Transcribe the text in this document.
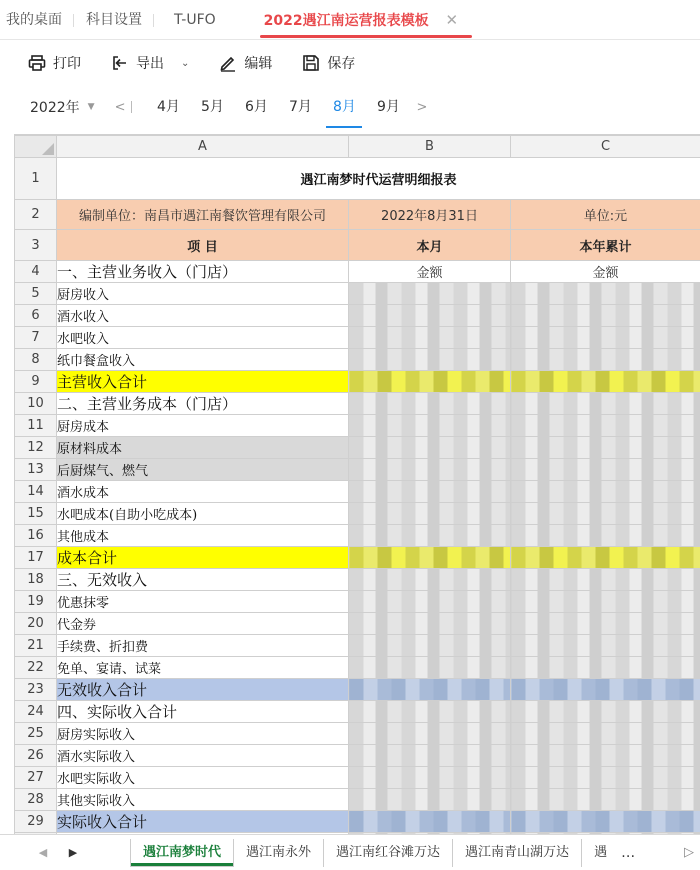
我的桌面	科目设置	T-UFO	2022遇江南运营报表模板 ✕
打印	导出 ⌄	编辑	保存
2022年 ▼ <	4月	5月	6月	7月	8月	9月	>
	A	B	C
1	遇江南梦时代运营明细报表		
2	编制单位：南昌市遇江南餐饮管理有限公司	2022年8月31日	单位:元
3	项 目	本月	本年累计
4	一、主营业务收入（门店）	金额	金额
5	厨房收入		
6	酒水收入		
7	水吧收入		
8	纸巾餐盒收入		
9	主营收入合计		
10	二、主营业务成本（门店）		
11	厨房成本		
12	原材料成本		
13	后厨煤气、燃气		
14	酒水成本		
15	水吧成本(自助小吃成本)		
16	其他成本		
17	成本合计		
18	三、无效收入		
19	优惠抹零		
20	代金券		
21	手续费、折扣费		
22	免单、宴请、试菜		
23	无效收入合计		
24	四、实际收入合计		
25	厨房实际收入		
26	酒水实际收入		
27	水吧实际收入		
28	其他实际收入		
29	实际收入合计		

◀	▶	遇江南梦时代	遇江南永外	遇江南红谷滩万达	遇江南青山湖万达	遇	…	▷
